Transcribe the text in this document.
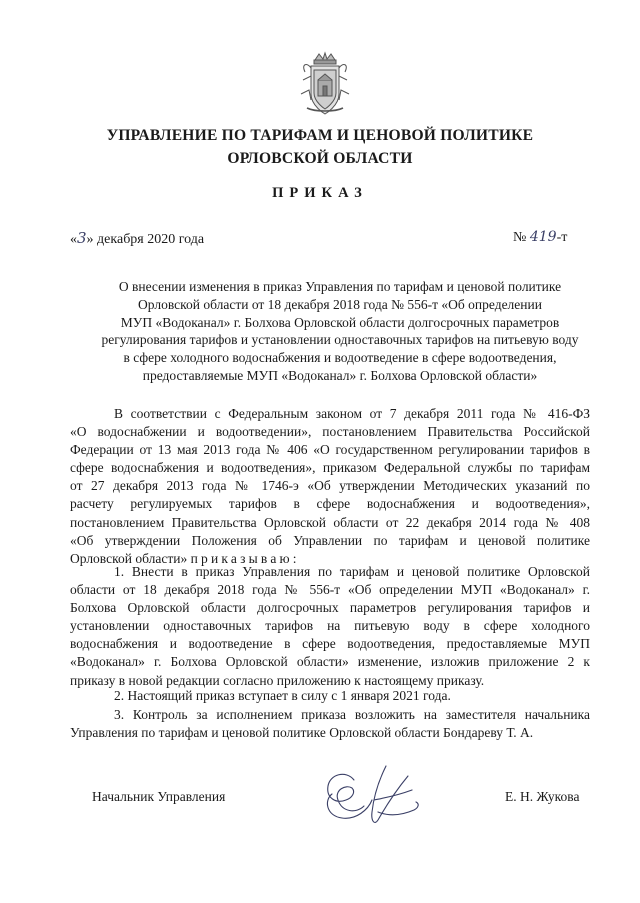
УПРАВЛЕНИЕ ПО ТАРИФАМ И ЦЕНОВОЙ ПОЛИТИКЕ
ОРЛОВСКОЙ ОБЛАСТИ
ПРИКАЗ
«3» декабря 2020 года	№ 419-т
О внесении изменения в приказ Управления по тарифам и ценовой политике
Орловской области от 18 декабря 2018 года № 556-т «Об определении
МУП «Водоканал» г. Болхова Орловской области долгосрочных параметров
регулирования тарифов и установлении одноставочных тарифов на питьевую воду
в сфере холодного водоснабжения и водоотведение в сфере водоотведения,
предоставляемые МУП «Водоканал» г. Болхова Орловской области»
В соответствии с Федеральным законом от 7 декабря 2011 года № 416-ФЗ
«О водоснабжении и водоотведении», постановлением Правительства Российской
Федерации от 13 мая 2013 года № 406 «О государственном регулировании тарифов в
сфере водоснабжения и водоотведения», приказом Федеральной службы по тарифам
от 27 декабря 2013 года № 1746-э «Об утверждении Методических указаний по
расчету регулируемых тарифов в сфере водоснабжения и водоотведения»,
постановлением Правительства Орловской области от 22 декабря 2014 года № 408
«Об утверждении Положения об Управлении по тарифам и ценовой политике
Орловской области» приказываю:
1. Внести в приказ Управления по тарифам и ценовой политике Орловской
области от 18 декабря 2018 года № 556-т «Об определении МУП «Водоканал» г.
Болхова Орловской области долгосрочных параметров регулирования тарифов и
установлении одноставочных тарифов на питьевую воду в сфере холодного
водоснабжения и водоотведение в сфере водоотведения, предоставляемые МУП
«Водоканал» г. Болхова Орловской области» изменение, изложив приложение 2 к
приказу в новой редакции согласно приложению к настоящему приказу.
2. Настоящий приказ вступает в силу с 1 января 2021 года.
3. Контроль за исполнением приказа возложить на заместителя начальника
Управления по тарифам и ценовой политике Орловской области Бондареву Т. А.
Начальник Управления	Е. Н. Жукова
